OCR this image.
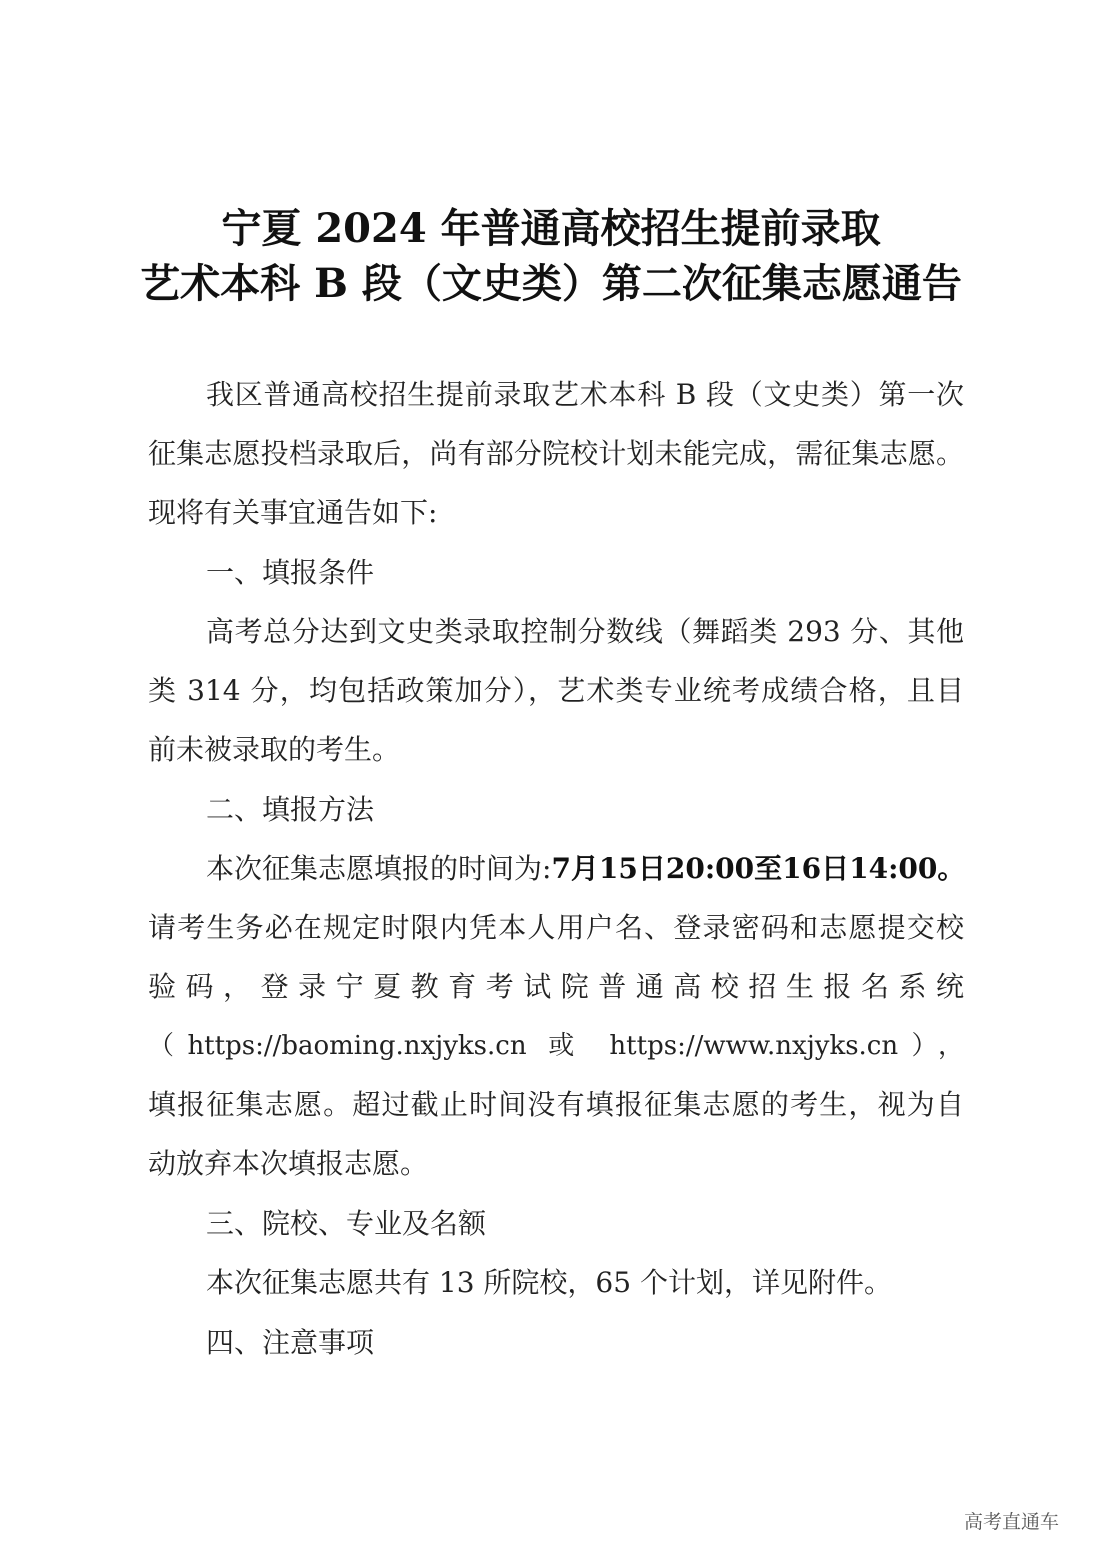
宁夏 2024 年普通高校招生提前录取
艺术本科 B 段（文史类）第二次征集志愿通告
我区普通高校招生提前录取艺术本科 B 段（文史类）第一次
征集志愿投档录取后，尚有部分院校计划未能完成，需征集志愿。
现将有关事宜通告如下:
一、填报条件
高考总分达到文史类录取控制分数线（舞蹈类 293 分、其他
类 314 分，均包括政策加分），艺术类专业统考成绩合格，且目
前未被录取的考生。
二、填报方法
本次征集志愿填报的时间为:7月15日20:00至16日14:00。
请考生务必在规定时限内凭本人用户名、登录密码和志愿提交校
验码，登录宁夏教育考试院普通高校招生报名系统
（https://baoming.nxjyks.cn 或 https://www.nxjyks.cn），
填报征集志愿。超过截止时间没有填报征集志愿的考生，视为自
动放弃本次填报志愿。
三、院校、专业及名额
本次征集志愿共有 13 所院校，65 个计划，详见附件。
四、注意事项
高考直通车
